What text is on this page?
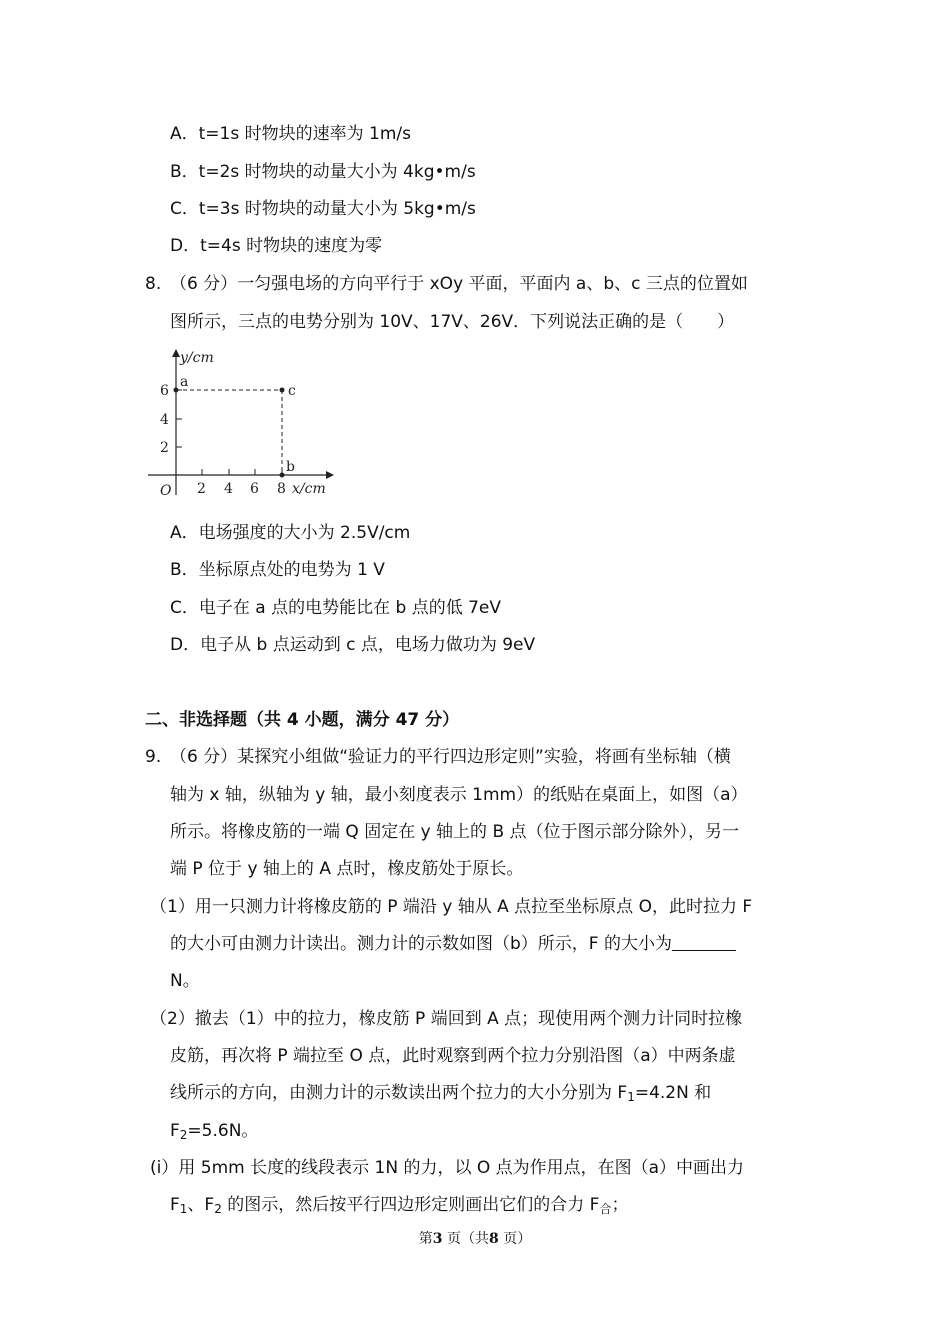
A．t=1s 时物块的速率为 1m/s
B．t=2s 时物块的动量大小为 4kg•m/s
C．t=3s 时物块的动量大小为 5kg•m/s
D．t=4s 时物块的速度为零
8. （6 分）一匀强电场的方向平行于 xOy 平面，平面内 a、b、c 三点的位置如
图所示，三点的电势分别为 10V、17V、26V．下列说法正确的是（　　）
y/cm
a
c
b
6
4
2
O 2 4 6 8 x/cm
A．电场强度的大小为 2.5V/cm
B．坐标原点处的电势为 1 V
C．电子在 a 点的电势能比在 b 点的低 7eV
D．电子从 b 点运动到 c 点，电场力做功为 9eV
二、非选择题（共 4 小题，满分 47 分）
9. （6 分）某探究小组做“验证力的平行四边形定则”实验，将画有坐标轴（横
轴为 x 轴，纵轴为 y 轴，最小刻度表示 1mm）的纸贴在桌面上，如图（a）
所示。将橡皮筋的一端 Q 固定在 y 轴上的 B 点（位于图示部分除外），另一
端 P 位于 y 轴上的 A 点时，橡皮筋处于原长。
（1）用一只测力计将橡皮筋的 P 端沿 y 轴从 A 点拉至坐标原点 O，此时拉力 F
的大小可由测力计读出。测力计的示数如图（b）所示，F 的大小为
N。
（2）撤去（1）中的拉力，橡皮筋 P 端回到 A 点；现使用两个测力计同时拉橡
皮筋，再次将 P 端拉至 O 点，此时观察到两个拉力分别沿图（a）中两条虚
线所示的方向，由测力计的示数读出两个拉力的大小分别为 $F_1=4.2N$ 和
$F_2=5.6N$。
(i）用 5mm 长度的线段表示 1N 的力，以 O 点为作用点，在图（a）中画出力
$F_1$、$F_2$ 的图示，然后按平行四边形定则画出它们的合力 $F_合$；
第3 页（共8 页）
